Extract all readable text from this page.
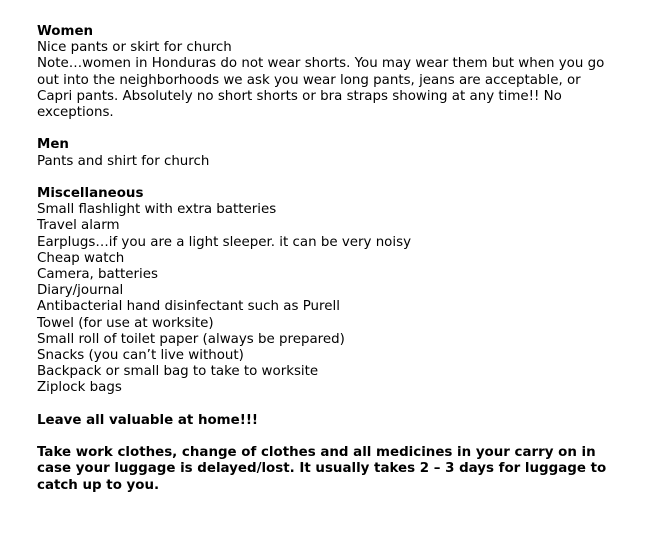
Women

Nice pants or skirt for church

Note…women in Honduras do not wear shorts. You may wear them but when you go out into the neighborhoods we ask you wear long pants, jeans are acceptable, or Capri pants. Absolutely no short shorts or bra straps showing at any time!! No exceptions.

Men

Pants and shirt for church

Miscellaneous

Small flashlight with extra batteries

Travel alarm

Earplugs…if you are a light sleeper. it can be very noisy

Cheap watch

Camera, batteries

Diary/journal

Antibacterial hand disinfectant such as Purell

Towel (for use at worksite)

Small roll of toilet paper (always be prepared)

Snacks (you can’t live without)

Backpack or small bag to take to worksite

Ziplock bags

Leave all valuable at home!!!

Take work clothes, change of clothes and all medicines in your carry on in case your luggage is delayed/lost. It usually takes 2 – 3 days for luggage to catch up to you.
